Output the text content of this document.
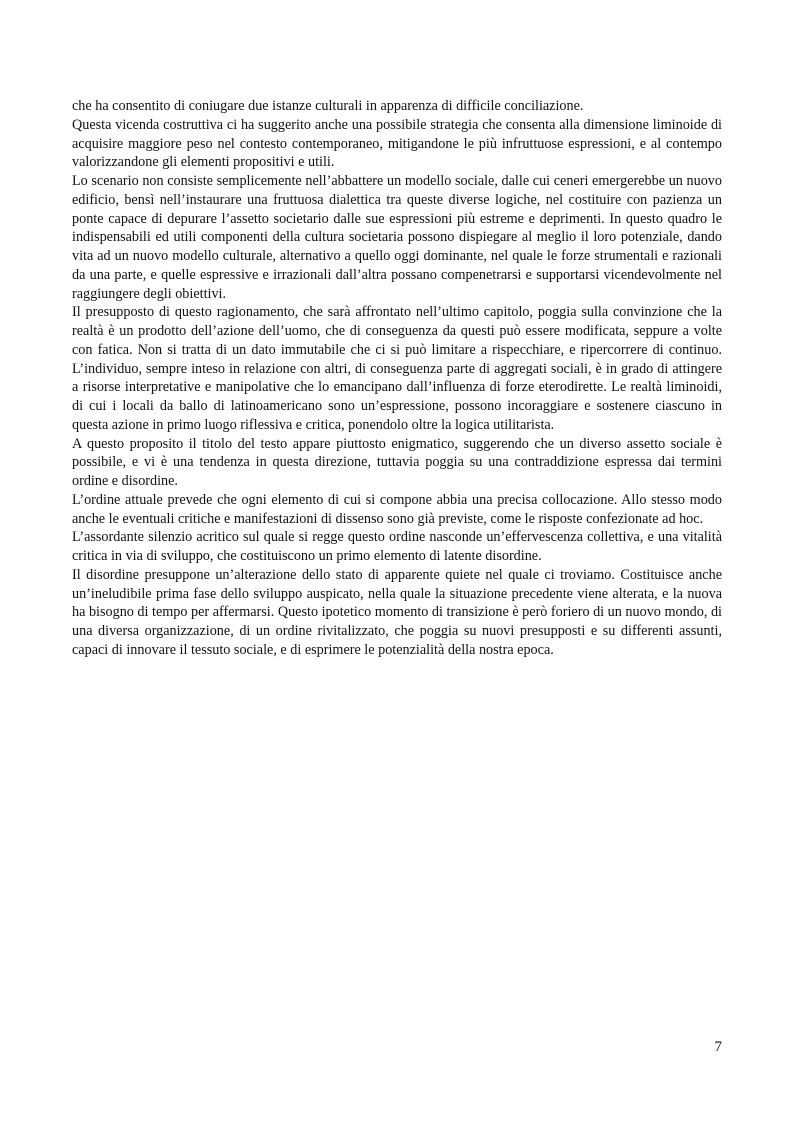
che ha consentito di coniugare due istanze culturali in apparenza di difficile conciliazione.

Questa vicenda costruttiva ci ha suggerito anche una possibile strategia che consenta alla dimensione liminoide di acquisire maggiore peso nel contesto contemporaneo, mitigandone le più infruttuose espressioni, e al contempo valorizzandone gli elementi propositivi e utili.

Lo scenario non consiste semplicemente nell’abbattere un modello sociale, dalle cui ceneri emergerebbe un nuovo edificio, bensì nell’instaurare una fruttuosa dialettica tra queste diverse logiche, nel costituire con pazienza un ponte capace di depurare l’assetto societario dalle sue espressioni più estreme e deprimenti. In questo quadro le indispensabili ed utili componenti della cultura societaria possono dispiegare al meglio il loro potenziale, dando vita ad un nuovo modello culturale, alternativo a quello oggi dominante, nel quale le forze strumentali e razionali da una parte, e quelle espressive e irrazionali dall’altra possano compenetrarsi e supportarsi vicendevolmente nel raggiungere degli obiettivi.

Il presupposto di questo ragionamento, che sarà affrontato nell’ultimo capitolo, poggia sulla convinzione che la realtà è un prodotto dell’azione dell’uomo, che di conseguenza da questi può essere modificata, seppure a volte con fatica. Non si tratta di un dato immutabile che ci si può limitare a rispecchiare, e ripercorrere di continuo. L’individuo, sempre inteso in relazione con altri, di conseguenza parte di aggregati sociali, è in grado di attingere a risorse interpretative e manipolative che lo emancipano dall’influenza di forze eterodirette. Le realtà liminoidi, di cui i locali da ballo di latinoamericano sono un’espressione, possono incoraggiare e sostenere ciascuno in questa azione in primo luogo riflessiva e critica, ponendolo oltre la logica utilitarista.

A questo proposito il titolo del testo appare piuttosto enigmatico, suggerendo che un diverso assetto sociale è possibile, e vi è una tendenza in questa direzione, tuttavia poggia su una contraddizione espressa dai termini ordine e disordine.

L’ordine attuale prevede che ogni elemento di cui si compone abbia una precisa collocazione. Allo stesso modo anche le eventuali critiche e manifestazioni di dissenso sono già previste, come le risposte confezionate ad hoc.

L’assordante silenzio acritico sul quale si regge questo ordine nasconde un’effervescenza collettiva, e una vitalità critica in via di sviluppo, che costituiscono un primo elemento di latente disordine.

Il disordine presuppone un’alterazione dello stato di apparente quiete nel quale ci troviamo. Costituisce anche un’ineludibile prima fase dello sviluppo auspicato, nella quale la situazione precedente viene alterata, e la nuova ha bisogno di tempo per affermarsi. Questo ipotetico momento di transizione è però foriero di un nuovo mondo, di una diversa organizzazione, di un ordine rivitalizzato, che poggia su nuovi presupposti e su differenti assunti, capaci di innovare il tessuto sociale, e di esprimere le potenzialità della nostra epoca.

7
